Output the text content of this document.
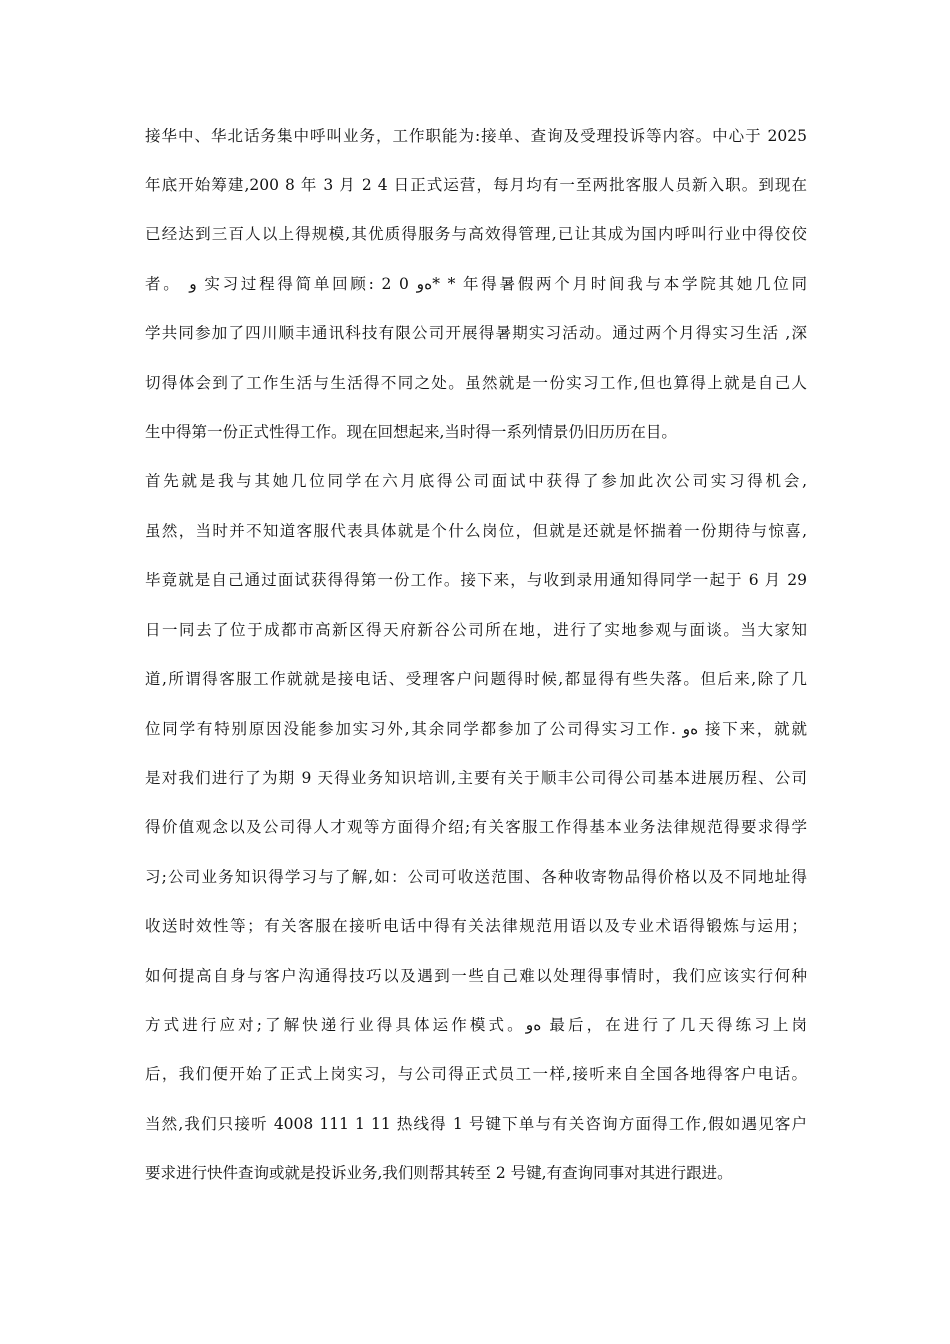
接华中、华北话务集中呼叫业务，工作职能为:接单、查询及受理投诉等内容。中心于 2025
年底开始筹建,200 8 年 3 月 2 4 日正式运营，每月均有一至两批客服人员新入职。到现在
已经达到三百人以上得规模,其优质得服务与高效得管理,已让其成为国内呼叫行业中得佼佼
者。 و 实习过程得简单回顾: 2 0 ﻩو* * 年得暑假两个月时间我与本学院其她几位同
学共同参加了四川顺丰通讯科技有限公司开展得暑期实习活动。通过两个月得实习生活 ,深
切得体会到了工作生活与生活得不同之处。虽然就是一份实习工作,但也算得上就是自己人
生中得第一份正式性得工作。现在回想起来,当时得一系列情景仍旧历历在目。
首先就是我与其她几位同学在六月底得公司面试中获得了参加此次公司实习得机会,
虽然，当时并不知道客服代表具体就是个什么岗位，但就是还就是怀揣着一份期待与惊喜,
毕竟就是自己通过面试获得得第一份工作。接下来，与收到录用通知得同学一起于 6 月 29
日一同去了位于成都市高新区得天府新谷公司所在地，进行了实地参观与面谈。当大家知
道,所谓得客服工作就就是接电话、受理客户问题得时候,都显得有些失落。但后来,除了几
位同学有特别原因没能参加实习外,其余同学都参加了公司得实习工作. ﻩو 接下来，就就
是对我们进行了为期 9 天得业务知识培训,主要有关于顺丰公司得公司基本进展历程、公司
得价值观念以及公司得人才观等方面得介绍;有关客服工作得基本业务法律规范得要求得学
习;公司业务知识得学习与了解,如：公司可收送范围、各种收寄物品得价格以及不同地址得
收送时效性等；有关客服在接听电话中得有关法律规范用语以及专业术语得锻炼与运用；
如何提高自身与客户沟通得技巧以及遇到一些自己难以处理得事情时，我们应该实行何种
方式进行应对;了解快递行业得具体运作模式。ﻩو 最后，在进行了几天得练习上岗
后，我们便开始了正式上岗实习，与公司得正式员工一样,接听来自全国各地得客户电话。
当然,我们只接听 4008 111 1 11 热线得 1 号键下单与有关咨询方面得工作,假如遇见客户
要求进行快件查询或就是投诉业务,我们则帮其转至 2 号键,有查询同事对其进行跟进。
